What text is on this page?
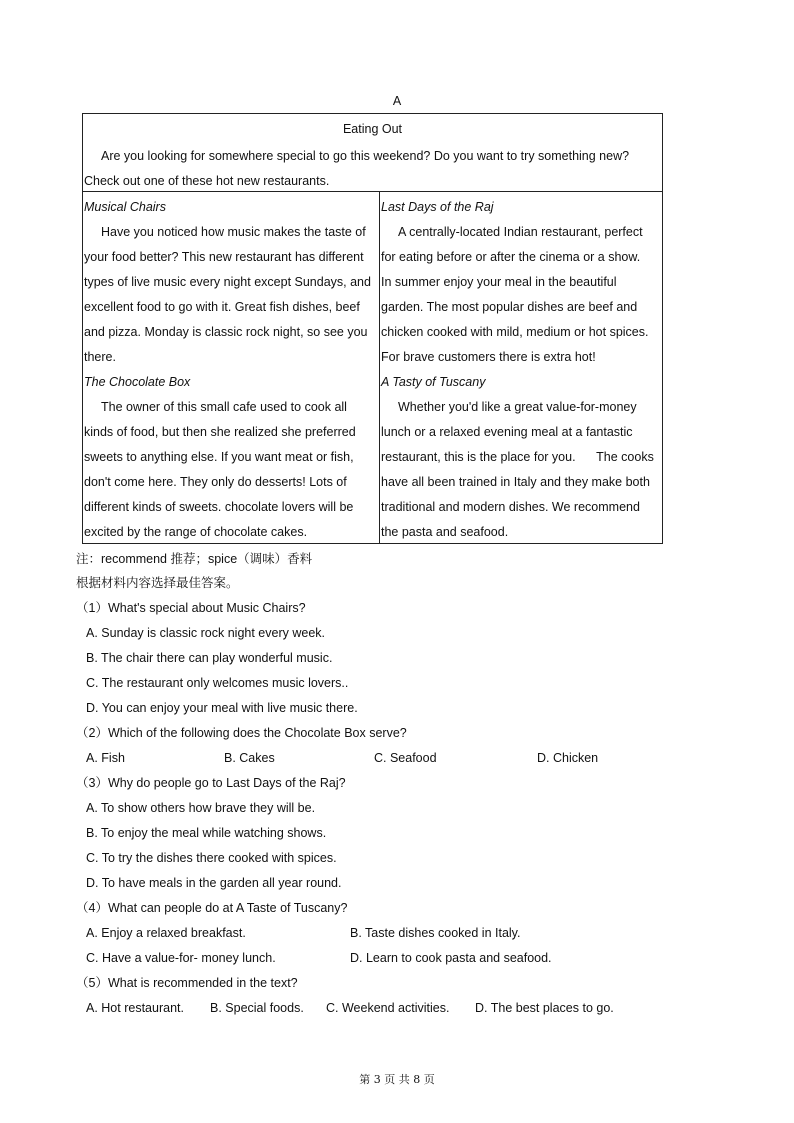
A
Eating Out
Are you looking for somewhere special to go this weekend? Do you want to try something new? Check out one of these hot new restaurants.
Musical Chairs
Have you noticed how music makes the taste of
your food better? This new restaurant has different
types of live music every night except Sundays, and
excellent food to go with it. Great fish dishes, beef
and pizza. Monday is classic rock night, so see you
there.
The Chocolate Box
The owner of this small cafe used to cook all
kinds of food, but then she realized she preferred
sweets to anything else. If you want meat or fish,
don't come here. They only do desserts! Lots of
different kinds of sweets. chocolate lovers will be
excited by the range of chocolate cakes.
Last Days of the Raj
A centrally-located Indian restaurant, perfect
for eating before or after the cinema or a show.
In summer enjoy your meal in the beautiful
garden. The most popular dishes are beef and
chicken cooked with mild, medium or hot spices.
For brave customers there is extra hot!
A Tasty of Tuscany
Whether you'd like a great value-for-money
lunch or a relaxed evening meal at a fantastic
restaurant, this is the place for you.      The cooks
have all been trained in Italy and they make both
traditional and modern dishes. We recommend
the pasta and seafood.
注：recommend 推荐；spice（调味）香料
根据材料内容选择最佳答案。
（1）What's special about Music Chairs?
A. Sunday is classic rock night every week.
B. The chair there can play wonderful music.
C. The restaurant only welcomes music lovers..
D. You can enjoy your meal with live music there.
（2）Which of the following does the Chocolate Box serve?
A. Fish	B. Cakes	C. Seafood	D. Chicken
（3）Why do people go to Last Days of the Raj?
A. To show others how brave they will be.
B. To enjoy the meal while watching shows.
C. To try the dishes there cooked with spices.
D. To have meals in the garden all year round.
（4）What can people do at A Taste of Tuscany?
A. Enjoy a relaxed breakfast.	B. Taste dishes cooked in Italy.
C. Have a value-for- money lunch.	D. Learn to cook pasta and seafood.
（5）What is recommended in the text?
A. Hot restaurant. B. Special foods. C. Weekend activities. D. The best places to go.
第 3 页 共 8 页
